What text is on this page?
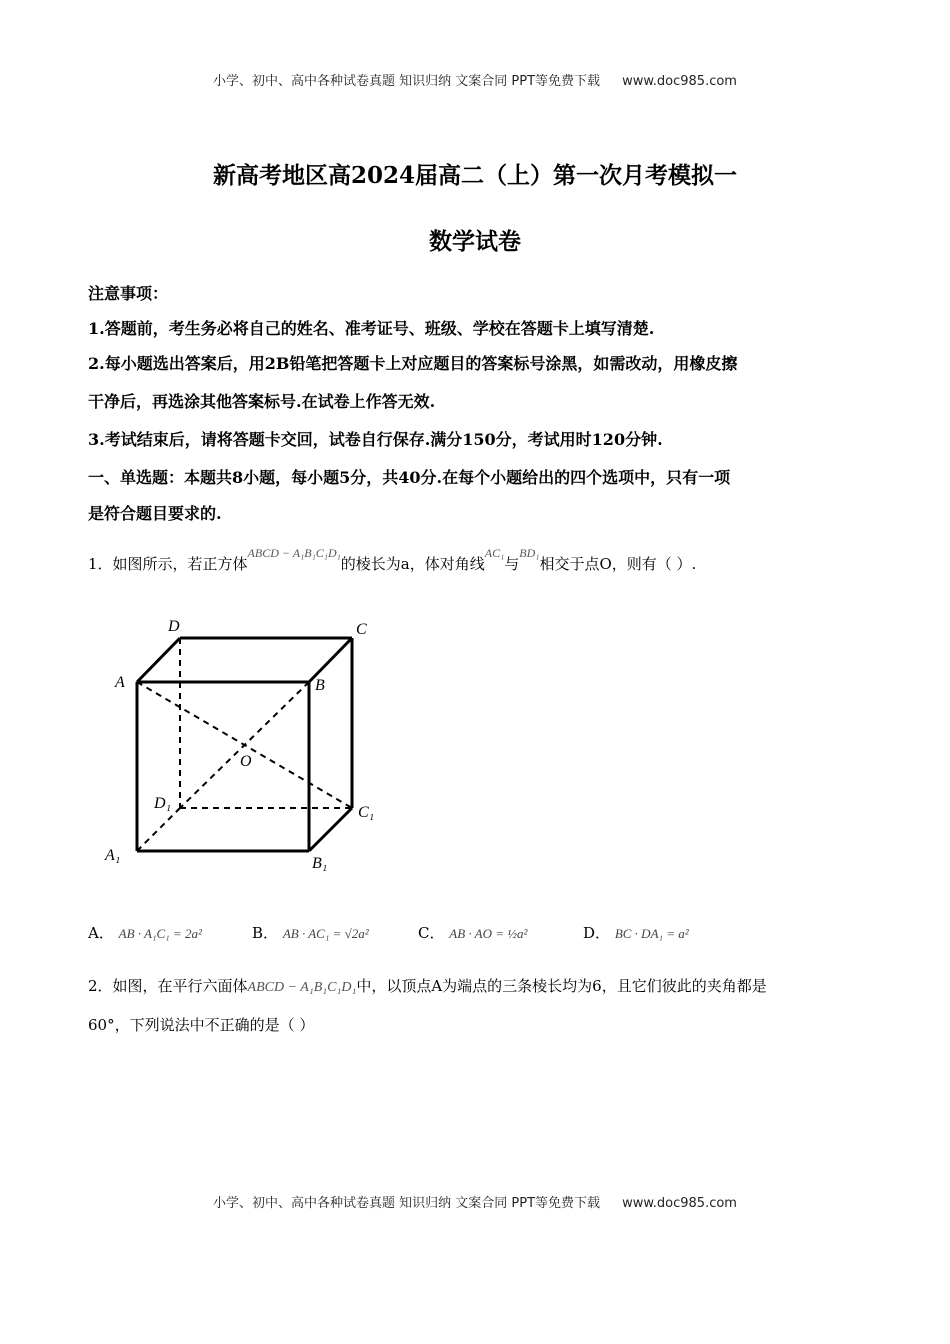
小学、初中、高中各种试卷真题 知识归纳 文案合同 PPT等免费下载 www.doc985.com
新高考地区高2024届高二（上）第一次月考模拟一
数学试卷
注意事项：
1.答题前，考生务必将自己的姓名、准考证号、班级、学校在答题卡上填写清楚.
2.每小题选出答案后，用2B铅笔把答题卡上对应题目的答案标号涂黑，如需改动，用橡皮擦
干净后，再选涂其他答案标号.在试卷上作答无效.
3.考试结束后，请将答题卡交回，试卷自行保存.满分150分，考试用时120分钟.
一、单选题：本题共8小题，每小题5分，共40分.在每个小题给出的四个选项中，只有一项
是符合题目要求的.
1．如图所示，若正方体$^{ABCD - A_1B_1C_1D_1}$的棱长为a，体对角线$^{AC_1}$与$^{BD_1}$相交于点O，则有（ ）.
D	C
A	B
O
D₁
C₁
A₁	B₁
A． AB · A₁C₁ = 2a²	B． AB · AC₁ = √2a²	C． AB · AO = ½a²	D． BC · DA₁ = a²
2．如图，在平行六面体ABCD − A₁B₁C₁D₁中，以顶点A为端点的三条棱长均为6，且它们彼此的夹角都是
60°，下列说法中不正确的是（ ）
小学、初中、高中各种试卷真题 知识归纳 文案合同 PPT等免费下载 www.doc985.com
